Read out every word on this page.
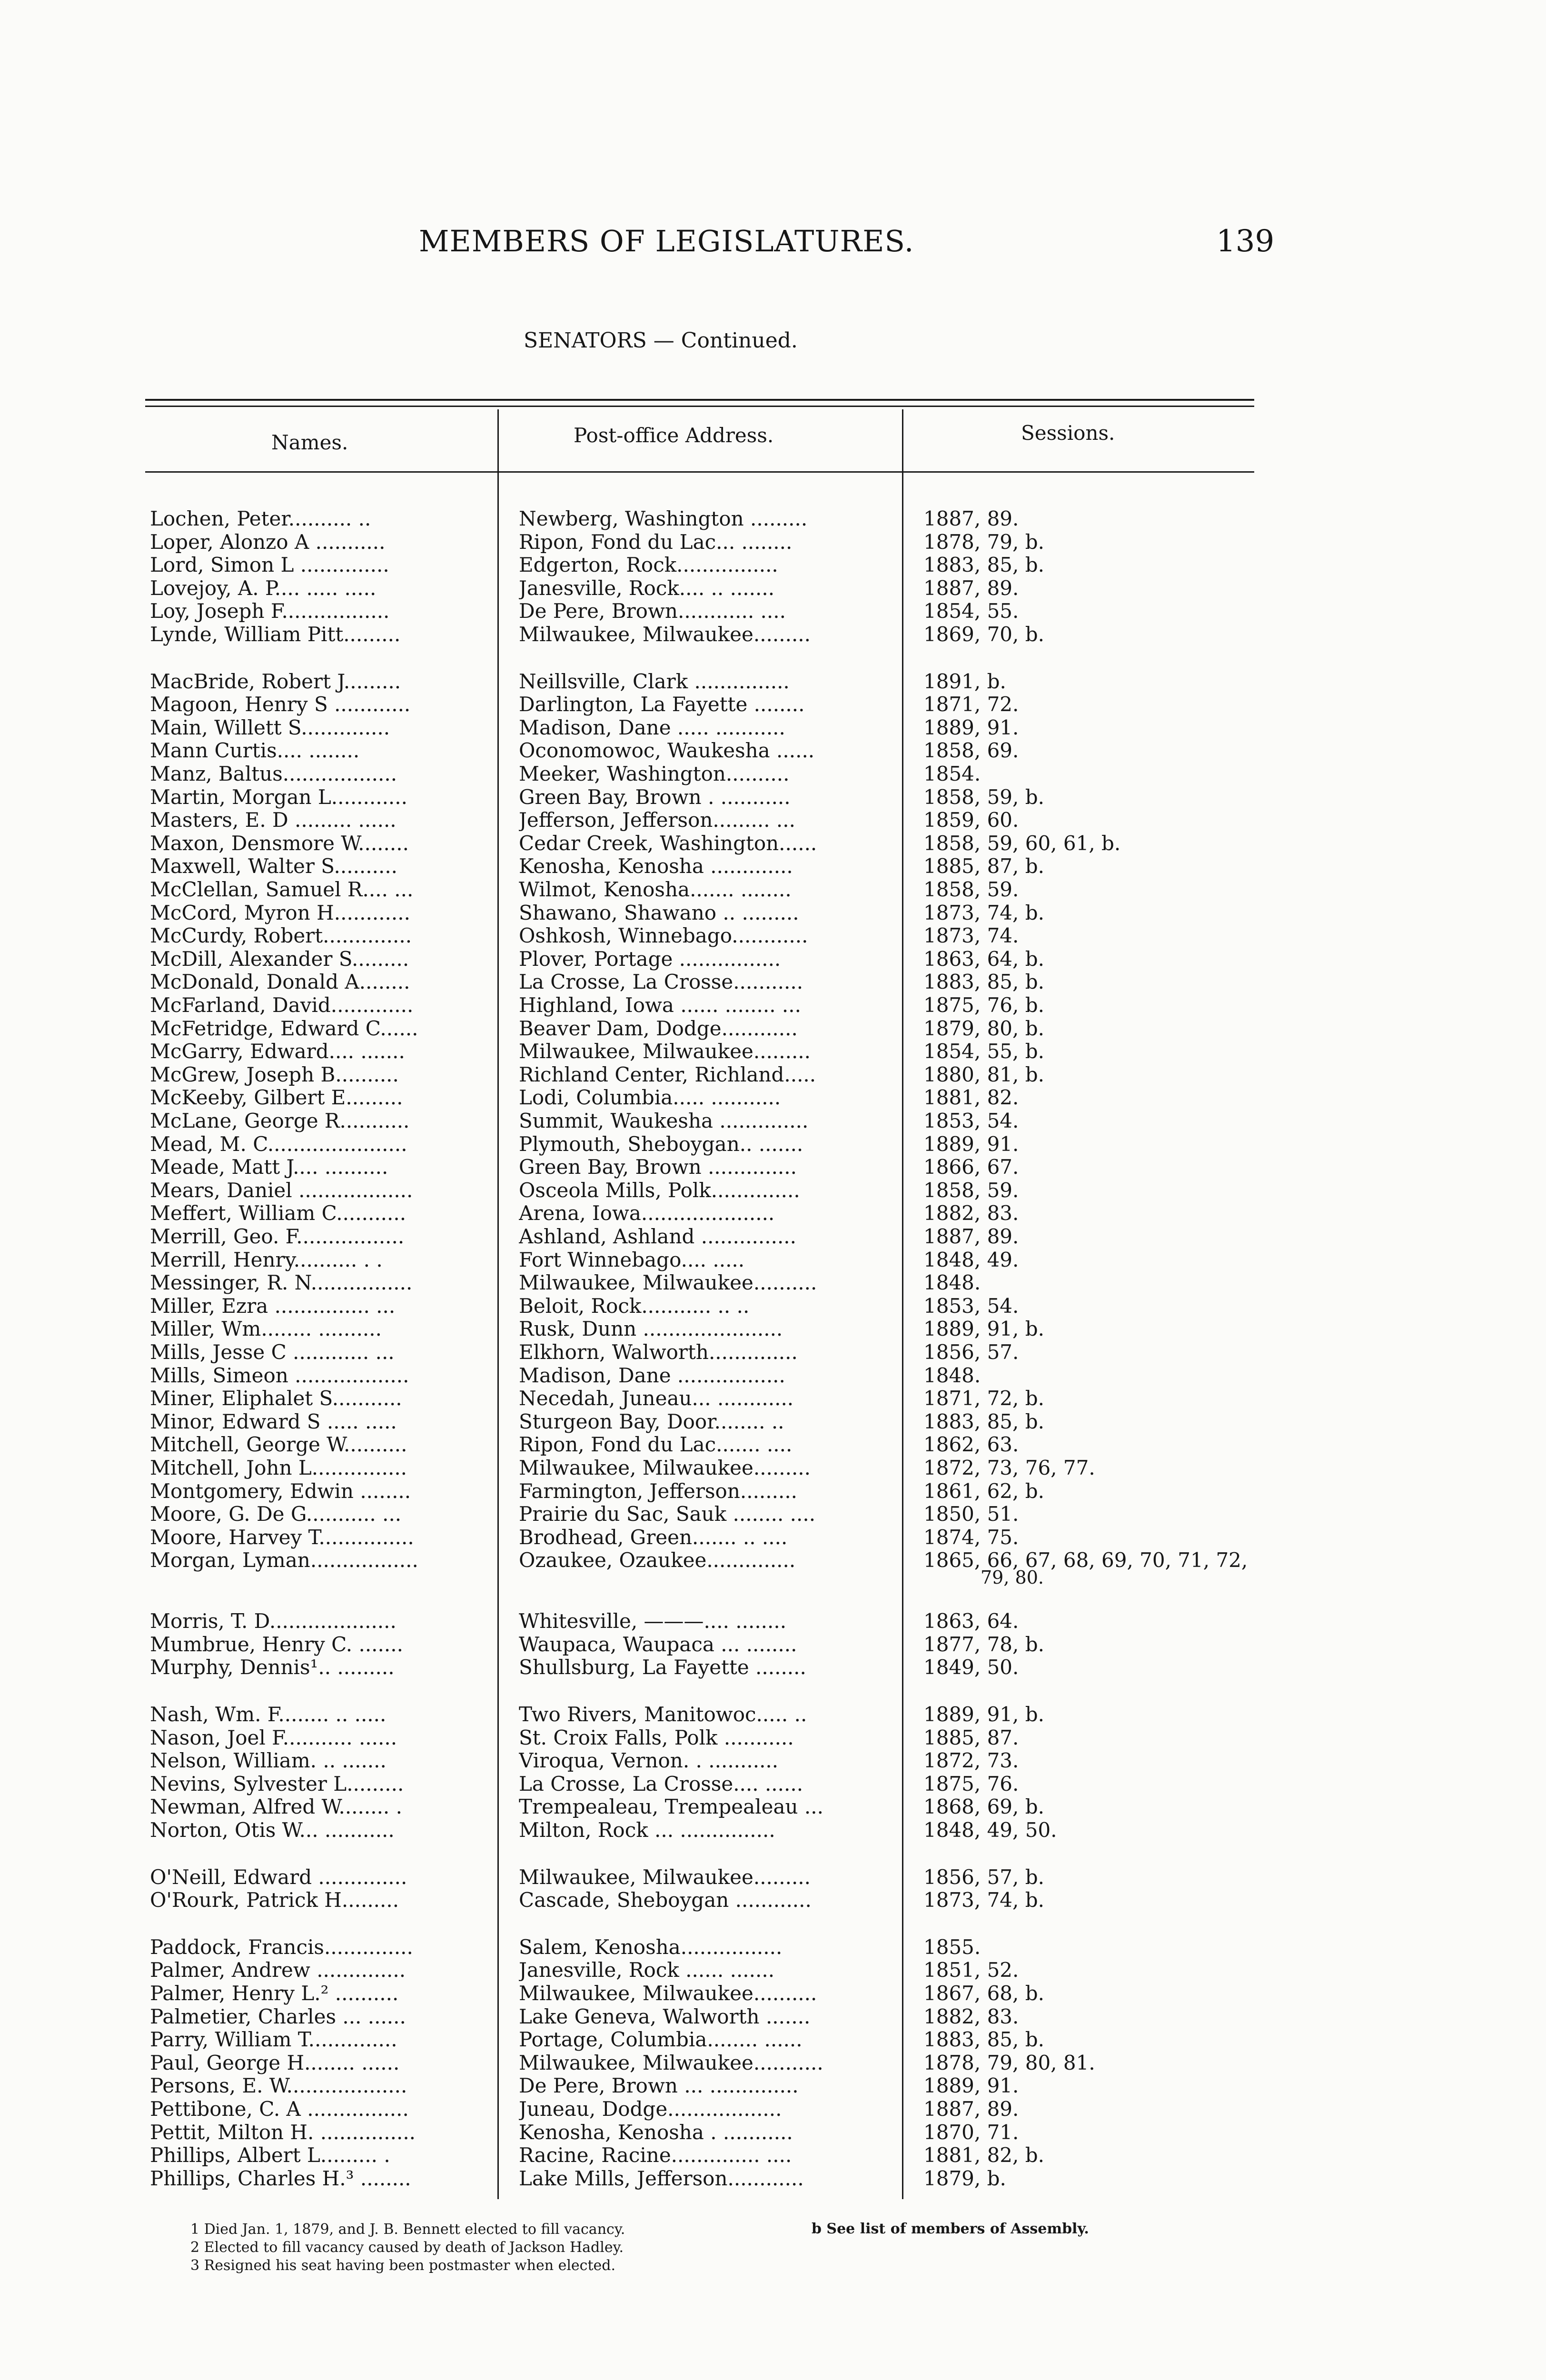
MEMBERS OF LEGISLATURES.	139
SENATORS — Continued.
Names.	Post-office Address.	Sessions.
Lochen, Peter.......... ..	Newberg, Washington .........	1887, 89.
Loper, Alonzo A ...........	Ripon, Fond du Lac... ........	1878, 79, b.
Lord, Simon L ..............	Edgerton, Rock................	1883, 85, b.
Lovejoy, A. P.... ..... .....	Janesville, Rock.... .. .......	1887, 89.
Loy, Joseph F.................	De Pere, Brown............ ....	1854, 55.
Lynde, William Pitt.........	Milwaukee, Milwaukee.........	1869, 70, b.
MacBride, Robert J.........	Neillsville, Clark ...............	1891, b.
Magoon, Henry S ............	Darlington, La Fayette ........	1871, 72.
Main, Willett S..............	Madison, Dane ..... ...........	1889, 91.
Mann Curtis.... ........	Oconomowoc, Waukesha ......	1858, 69.
Manz, Baltus..................	Meeker, Washington..........	1854.
Martin, Morgan L............	Green Bay, Brown . ...........	1858, 59, b.
Masters, E. D ......... ......	Jefferson, Jefferson......... ...	1859, 60.
Maxon, Densmore W........	Cedar Creek, Washington......	1858, 59, 60, 61, b.
Maxwell, Walter S..........	Kenosha, Kenosha .............	1885, 87, b.
McClellan, Samuel R.... ...	Wilmot, Kenosha....... ........	1858, 59.
McCord, Myron H............	Shawano, Shawano .. .........	1873, 74, b.
McCurdy, Robert..............	Oshkosh, Winnebago............	1873, 74.
McDill, Alexander S.........	Plover, Portage ................	1863, 64, b.
McDonald, Donald A........	La Crosse, La Crosse...........	1883, 85, b.
McFarland, David.............	Highland, Iowa ...... ........ ...	1875, 76, b.
McFetridge, Edward C......	Beaver Dam, Dodge............	1879, 80, b.
McGarry, Edward.... .......	Milwaukee, Milwaukee.........	1854, 55, b.
McGrew, Joseph B..........	Richland Center, Richland.....	1880, 81, b.
McKeeby, Gilbert E.........	Lodi, Columbia..... ...........	1881, 82.
McLane, George R...........	Summit, Waukesha ..............	1853, 54.
Mead, M. C......................	Plymouth, Sheboygan.. .......	1889, 91.
Meade, Matt J.... ..........	Green Bay, Brown ..............	1866, 67.
Mears, Daniel ..................	Osceola Mills, Polk..............	1858, 59.
Meffert, William C...........	Arena, Iowa.....................	1882, 83.
Merrill, Geo. F.................	Ashland, Ashland ...............	1887, 89.
Merrill, Henry.......... . .	Fort Winnebago.... .....	1848, 49.
Messinger, R. N................	Milwaukee, Milwaukee..........	1848.
Miller, Ezra ............... ...	Beloit, Rock........... .. ..	1853, 54.
Miller, Wm........ ..........	Rusk, Dunn ......................	1889, 91, b.
Mills, Jesse C ............ ...	Elkhorn, Walworth..............	1856, 57.
Mills, Simeon ..................	Madison, Dane .................	1848.
Miner, Eliphalet S...........	Necedah, Juneau... ............	1871, 72, b.
Minor, Edward S ..... .....	Sturgeon Bay, Door........ ..	1883, 85, b.
Mitchell, George W..........	Ripon, Fond du Lac....... ....	1862, 63.
Mitchell, John L...............	Milwaukee, Milwaukee.........	1872, 73, 76, 77.
Montgomery, Edwin ........	Farmington, Jefferson.........	1861, 62, b.
Moore, G. De G........... ...	Prairie du Sac, Sauk ........ ....	1850, 51.
Moore, Harvey T...............	Brodhead, Green....... .. ....	1874, 75.
Morgan, Lyman.................	Ozaukee, Ozaukee..............	1865, 66, 67, 68, 69, 70, 71, 72,
79, 80.
Morris, T. D....................	Whitesville, ———.... ........	1863, 64.
Mumbrue, Henry C. .......	Waupaca, Waupaca ... ........	1877, 78, b.
Murphy, Dennis¹.. .........	Shullsburg, La Fayette ........	1849, 50.
Nash, Wm. F........ .. .....	Two Rivers, Manitowoc..... ..	1889, 91, b.
Nason, Joel F........... ......	St. Croix Falls, Polk ...........	1885, 87.
Nelson, William. .. .......	Viroqua, Vernon. . ...........	1872, 73.
Nevins, Sylvester L.........	La Crosse, La Crosse.... ......	1875, 76.
Newman, Alfred W........ .	Trempealeau, Trempealeau ...	1868, 69, b.
Norton, Otis W... ...........	Milton, Rock ... ...............	1848, 49, 50.
O'Neill, Edward ..............	Milwaukee, Milwaukee.........	1856, 57, b.
O'Rourk, Patrick H.........	Cascade, Sheboygan ............	1873, 74, b.
Paddock, Francis..............	Salem, Kenosha................	1855.
Palmer, Andrew ..............	Janesville, Rock ...... .......	1851, 52.
Palmer, Henry L.² ..........	Milwaukee, Milwaukee..........	1867, 68, b.
Palmetier, Charles ... ......	Lake Geneva, Walworth .......	1882, 83.
Parry, William T..............	Portage, Columbia........ ......	1883, 85, b.
Paul, George H........ ......	Milwaukee, Milwaukee...........	1878, 79, 80, 81.
Persons, E. W...................	De Pere, Brown ... ..............	1889, 91.
Pettibone, C. A ................	Juneau, Dodge..................	1887, 89.
Pettit, Milton H. ...............	Kenosha, Kenosha . ...........	1870, 71.
Phillips, Albert L......... .	Racine, Racine.............. ....	1881, 82, b.
Phillips, Charles H.³ ........	Lake Mills, Jefferson............	1879, b.
1 Died Jan. 1, 1879, and J. B. Bennett elected to fill vacancy.
2 Elected to fill vacancy caused by death of Jackson Hadley.
3 Resigned his seat having been postmaster when elected.
b See list of members of Assembly.
